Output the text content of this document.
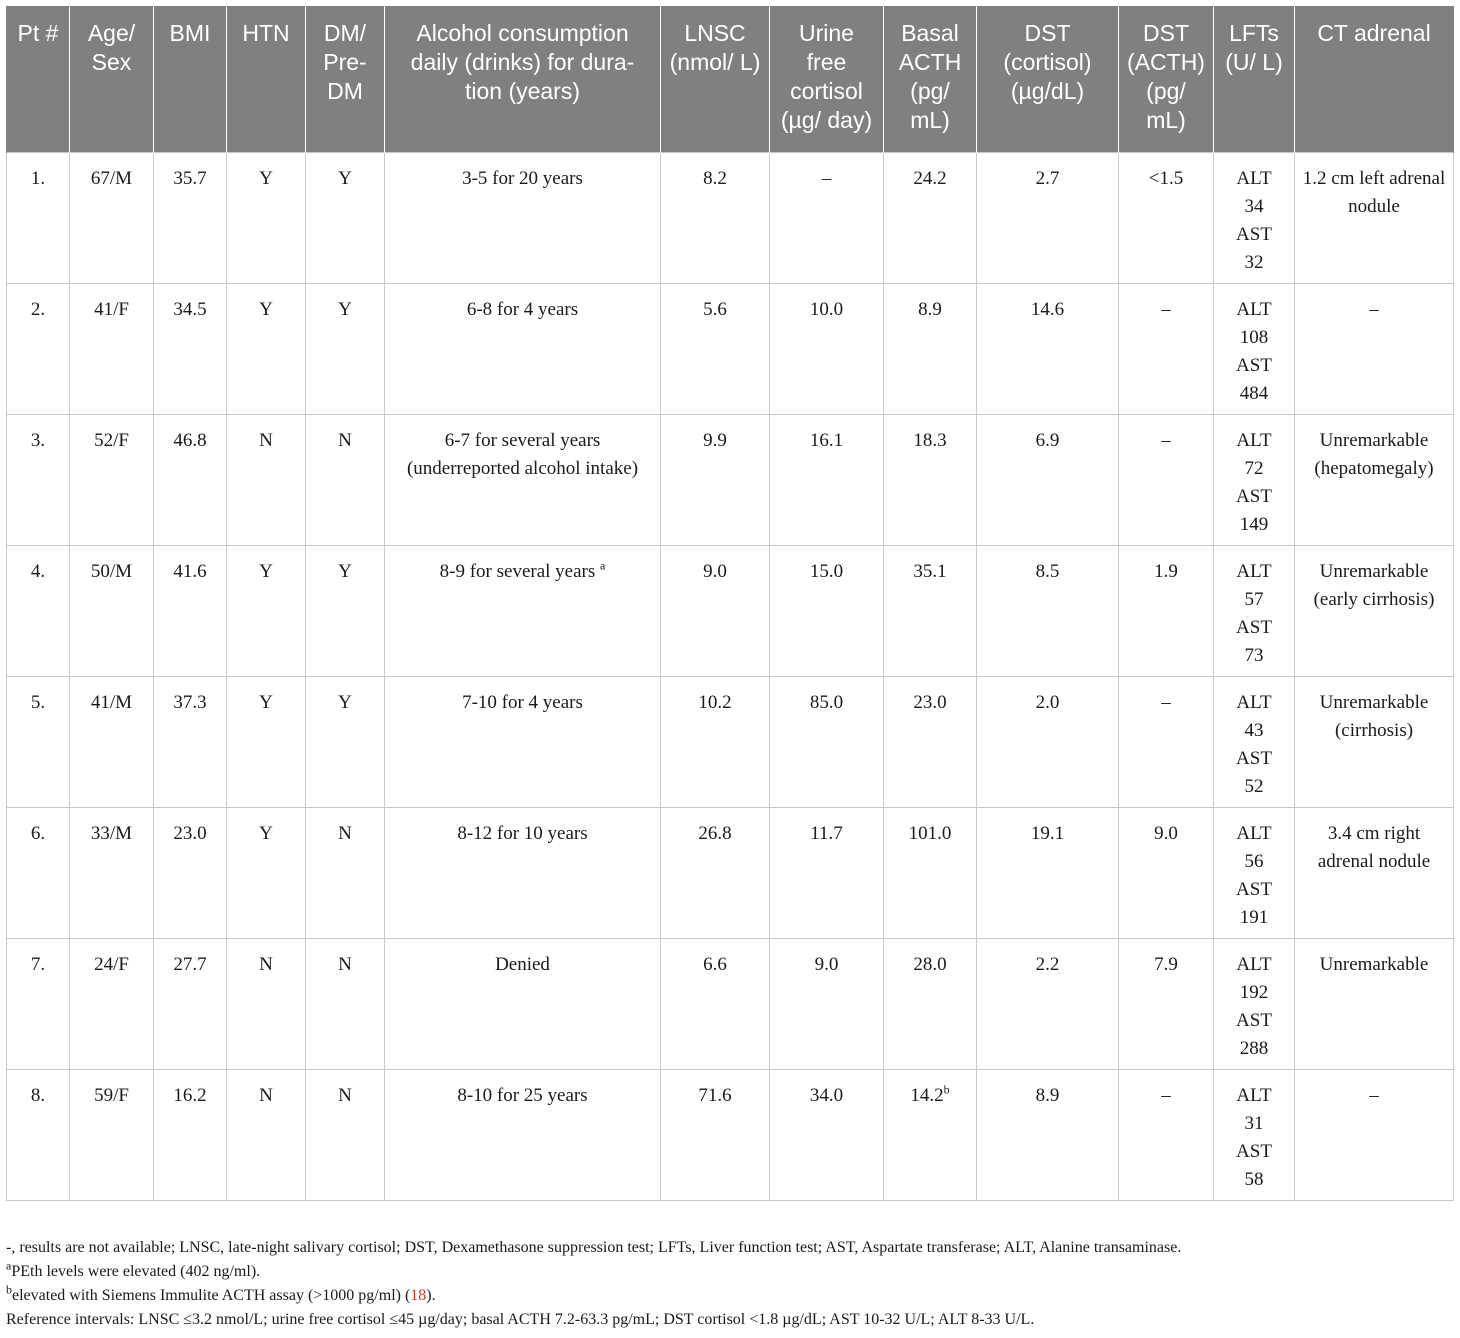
Pt #	Age/ Sex	BMI	HTN	DM/ Pre- DM	Alcohol consumption daily (drinks) for dura- tion (years)	LNSC (nmol/ L)	Urine free cortisol (µg/ day)	Basal ACTH (pg/ mL)	DST (cortisol) (µg/dL)	DST (ACTH) (pg/ mL)	LFTs (U/ L)	CT adrenal
1.	67/M	35.7	Y	Y	3-5 for 20 years	8.2	–	24.2	2.7	<1.5	ALT
34
AST
32	1.2 cm left adrenal nodule
2.	41/F	34.5	Y	Y	6-8 for 4 years	5.6	10.0	8.9	14.6	–	ALT
108
AST
484	–
3.	52/F	46.8	N	N	6-7 for several years (underreported alcohol intake)	9.9	16.1	18.3	6.9	–	ALT
72
AST
149	Unremarkable (hepatomegaly)
4.	50/M	41.6	Y	Y	8-9 for several years $^a$	9.0	15.0	35.1	8.5	1.9	ALT
57
AST
73	Unremarkable (early cirrhosis)
5.	41/M	37.3	Y	Y	7-10 for 4 years	10.2	85.0	23.0	2.0	–	ALT
43
AST
52	Unremarkable (cirrhosis)
6.	33/M	23.0	Y	N	8-12 for 10 years	26.8	11.7	101.0	19.1	9.0	ALT
56
AST
191	3.4 cm right adrenal nodule
7.	24/F	27.7	N	N	Denied	6.6	9.0	28.0	2.2	7.9	ALT
192
AST
288	Unremarkable
8.	59/F	16.2	N	N	8-10 for 25 years	71.6	34.0	14.2$^b$	8.9	–	ALT
31
AST
58	–

-, results are not available; LNSC, late-night salivary cortisol; DST, Dexamethasone suppression test; LFTs, Liver function test; AST, Aspartate transferase; ALT, Alanine transaminase.

$^a$PEth levels were elevated (402 ng/ml).

$^b$elevated with Siemens Immulite ACTH assay (>1000 pg/ml) (18).

Reference intervals: LNSC ≤3.2 nmol/L; urine free cortisol ≤45 µg/day; basal ACTH 7.2-63.3 pg/mL; DST cortisol <1.8 µg/dL; AST 10-32 U/L; ALT 8-33 U/L.
